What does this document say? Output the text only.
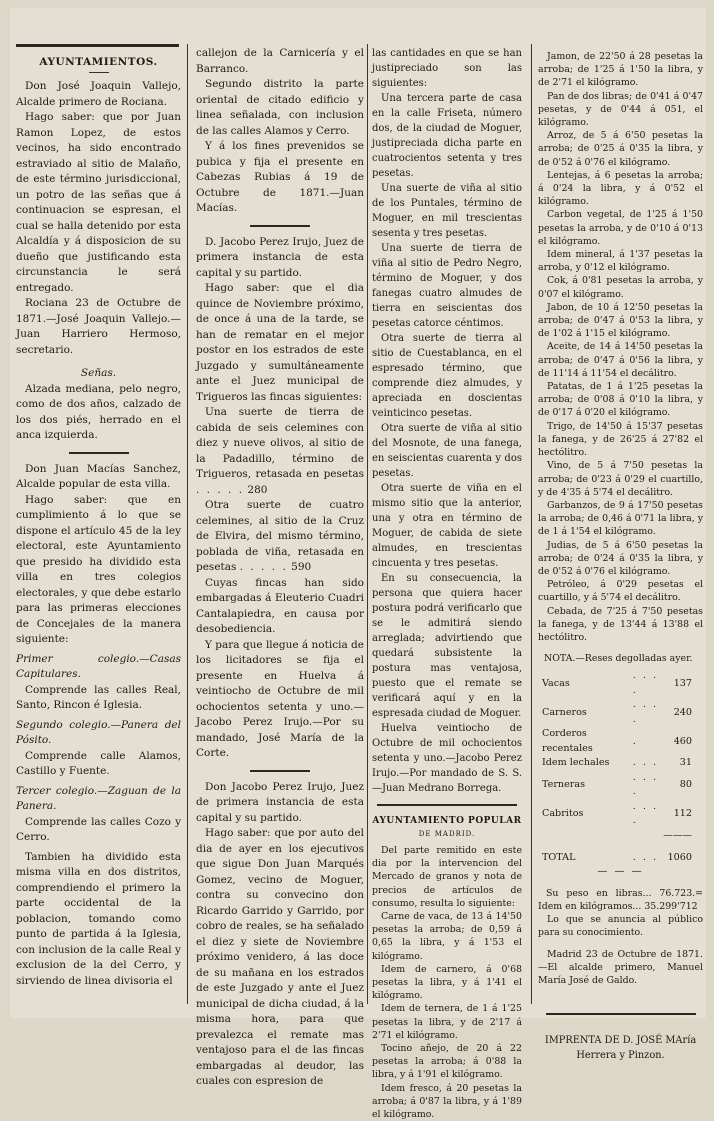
AYUNTAMIENTOS.

Don José Joaquin Vallejo, Alcalde primero de Rociana.

Hago saber: que por Juan Ramon Lopez, de estos vecinos, ha sido encontrado estraviado al sitio de Malaño, de este término jurisdiccional, un potro de las señas que á continuacion se espresan, el cual se halla detenido por esta Alcaldía y á disposicion de su dueño que justificando esta circunstancia le será entregado.

Rociana 23 de Octubre de 1871.—José Joaquin Vallejo.—Juan Harriero Hermoso, secretario.

Señas.

Alzada mediana, pelo negro, como de dos años, calzado de los dos piés, herrado en el anca izquierda.

Don Juan Macías Sanchez, Alcalde popular de esta villa.

Hago saber: que en cumplimiento á lo que se dispone el artículo 45 de la ley electoral, este Ayuntamiento que presido ha dividido esta villa en tres colegios electorales, y que debe estarlo para las primeras elecciones de Concejales de la manera siguiente:

Primer colegio.—Casas Capitulares.

Comprende las calles Real, Santo, Rincon é Iglesia.

Segundo colegio.—Panera del Pósito.

Comprende calle Alamos, Castillo y Fuente.

Tercer colegio.—Zaguan de la Panera.

Comprende las calles Cozo y Cerro.

Tambien ha dividido esta misma villa en dos distritos, comprendiendo el primero la parte occidental de la poblacion, tomando como punto de partida á la Iglesia, con inclusion de la calle Real y exclusion de la del Cerro, y sirviendo de linea divisoria el

callejon de la Carnicería y el Barranco.

Segundo distrito la parte oriental de citado edificio y linea señalada, con inclusion de las calles Alamos y Cerro.

Y á los fines prevenidos se pubica y fija el presente en Cabezas Rubias á 19 de Octubre de 1871.—Juan Macías.

D. Jacobo Perez Irujo, Juez de primera instancia de esta capital y su partido.

Hago saber: que el dia quince de Noviembre próximo, de once á una de la tarde, se han de rematar en el mejor postor en los estrados de este Juzgado y sumultáneamente ante el Juez municipal de Trigueros las fincas siguientes:

Una suerte de tierra de cabida de seis celemines con diez y nueve olivos, al sitio de la Padadillo, término de Trigueros, retasada en pesetas . . . . . 280

Otra suerte de cuatro celemines, al sitio de la Cruz de Elvira, del mismo término, poblada de viña, retasada en pesetas . . . . . 590

Cuyas fincas han sido embargadas á Eleuterio Cuadri Cantalapiedra, en causa por desobediencia.

Y para que llegue á noticia de los licitadores se fija el presente en Huelva á veintiocho de Octubre de mil ochocientos setenta y uno.—Jacobo Perez Irujo.—Por su mandado, José María de la Corte.

Don Jacobo Perez Irujo, Juez de primera instancia de esta capital y su partido.

Hago saber: que por auto del dia de ayer en los ejecutivos que sigue Don Juan Marqués Gomez, vecino de Moguer, contra su convecino don Ricardo Garrido y Garrido, por cobro de reales, se ha señalado el diez y siete de Noviembre próximo venidero, á las doce de su mañana en los estrados de este Juzgado y ante el Juez municipal de dicha ciudad, á la misma hora, para que prevalezca el remate mas ventajoso para el de las fincas embargadas al deudor, las cuales con espresion de

las cantidades en que se han justipreciado son las siguientes:

Una tercera parte de casa en la calle Friseta, número dos, de la ciudad de Moguer, justipreciada dicha parte en cuatrocientos setenta y tres pesetas.

Una suerte de viña al sitio de los Puntales, término de Moguer, en mil trescientas sesenta y tres pesetas.

Una suerte de tierra de viña al sitio de Pedro Negro, término de Moguer, y dos fanegas cuatro almudes de tierra en seiscientas dos pesetas catorce céntimos.

Otra suerte de tierra al sitio de Cuestablanca, en el espresado término, que comprende diez almudes, y apreciada en doscientas veinticinco pesetas.

Otra suerte de viña al sitio del Mosnote, de una fanega, en seiscientas cuarenta y dos pesetas.

Otra suerte de viña en el mismo sitio que la anterior, una y otra en término de Moguer, de cabida de siete almudes, en trescientas cincuenta y tres pesetas.

En su consecuencia, la persona que quiera hacer postura podrá verificarlo que se le admitirá siendo arreglada; advirtiendo que quedará subsistente la postura mas ventajosa, puesto que el remate se verificará aquí y en la espresada ciudad de Moguer.

Huelva veintiocho de Octubre de mil ochocientos setenta y uno.—Jacobo Perez Irujo.—Por mandado de S. S. —Juan Medrano Borrega.

AYUNTAMIENTO POPULAR
DE MADRID.

Del parte remitido en este dia por la intervencion del Mercado de granos y nota de precios de artículos de consumo, resulta lo siguiente:

Carne de vaca, de 13 á 14'50 pesetas la arroba; de 0,59 á 0,65 la libra, y á 1'53 el kilógramo.

Idem de carnero, á 0'68 pesetas la libra, y á 1'41 el kilógramo.

Idem de ternera, de 1 á 1'25 pesetas la libra, y de 2'17 á 2'71 el kilógramo.

Tocino añejo, de 20 á 22 pesetas la arroba; á 0'88 la libra, y á 1'91 el kilógramo.

Idem fresco, á 20 pesetas la arroba; á 0'87 la libra, y á 1'89 el kilógramo.

Jamon, de 22'50 á 28 pesetas la arroba; de 1'25 á 1'50 la libra, y de 2'71 el kilógramo.

Pan de dos libras; de 0'41 á 0'47 pesetas, y de 0'44 á 051, el kilógramo.

Arroz, de 5 á 6'50 pesetas la arroba; de 0'25 á 0'35 la libra, y de 0'52 á 0'76 el kilógramo.

Lentejas, á 6 pesetas la arroba; á 0'24 la libra, y á 0'52 el kilógramo.

Carbon vegetal, de 1'25 á 1'50 pesetas la arroba, y de 0'10 á 0'13 el kilógramo.

Idem mineral, á 1'37 pesetas la arroba, y 0'12 el kilógramo.

Cok, á 0'81 pesetas la arroba, y 0'07 el kilógramo.

Jabon, de 10 á 12'50 pesetas la arroba; de 0'47 á 0'53 la libra, y de 1'02 á 1'15 el kilógramo.

Aceite, de 14 á 14'50 pesetas la arroba; de 0'47 á 0'56 la libra, y de 11'14 á 11'54 el decálitro.

Patatas, de 1 á 1'25 pesetas la arroba; de 0'08 á 0'10 la libra, y de 0'17 á 0'20 el kilógramo.

Trigo, de 14'50 á 15'37 pesetas la fanega, y de 26'25 á 27'82 el hectólitro.

Vino, de 5 á 7'50 pesetas la arroba; de 0'23 á 0'29 el cuartillo, y de 4'35 á 5'74 el decálitro.

Garbanzos, de 9 á 17'50 pesetas la arroba; de 0,46 á 0'71 la libra, y de 1 á 1'54 el kilógramo.

Judias, de 5 á 6'50 pesetas la arroba; de 0'24 á 0'35 la libra, y de 0'52 á 0'76 el kilógramo.

Petróleo, á 0'29 pesetas el cuartillo, y á 5'74 el decálitro.

Cebada, de 7'25 á 7'50 pesetas la fanega, y de 13'44 á 13'88 el hectólitro.

NOTA.—Reses degolladas ayer.

Vacas	. . . .	137
Carneros	. . . .	240
Corderos recentales	.	460
Idem lechales	. . .	31
Terneras	. . . .	80
Cabritos	. . . .	112
		———
TOTAL	. . .	1060
— — —

Su peso en libras... 76.723.= Idem en kilógramos... 35.299'712

Lo que se anuncia al público para su conocimiento.

Madrid 23 de Octubre de 1871. —El alcalde primero, Manuel María José de Galdo.

IMPRENTA DE D. JOSÉ MAría Herrera y Pinzon.
